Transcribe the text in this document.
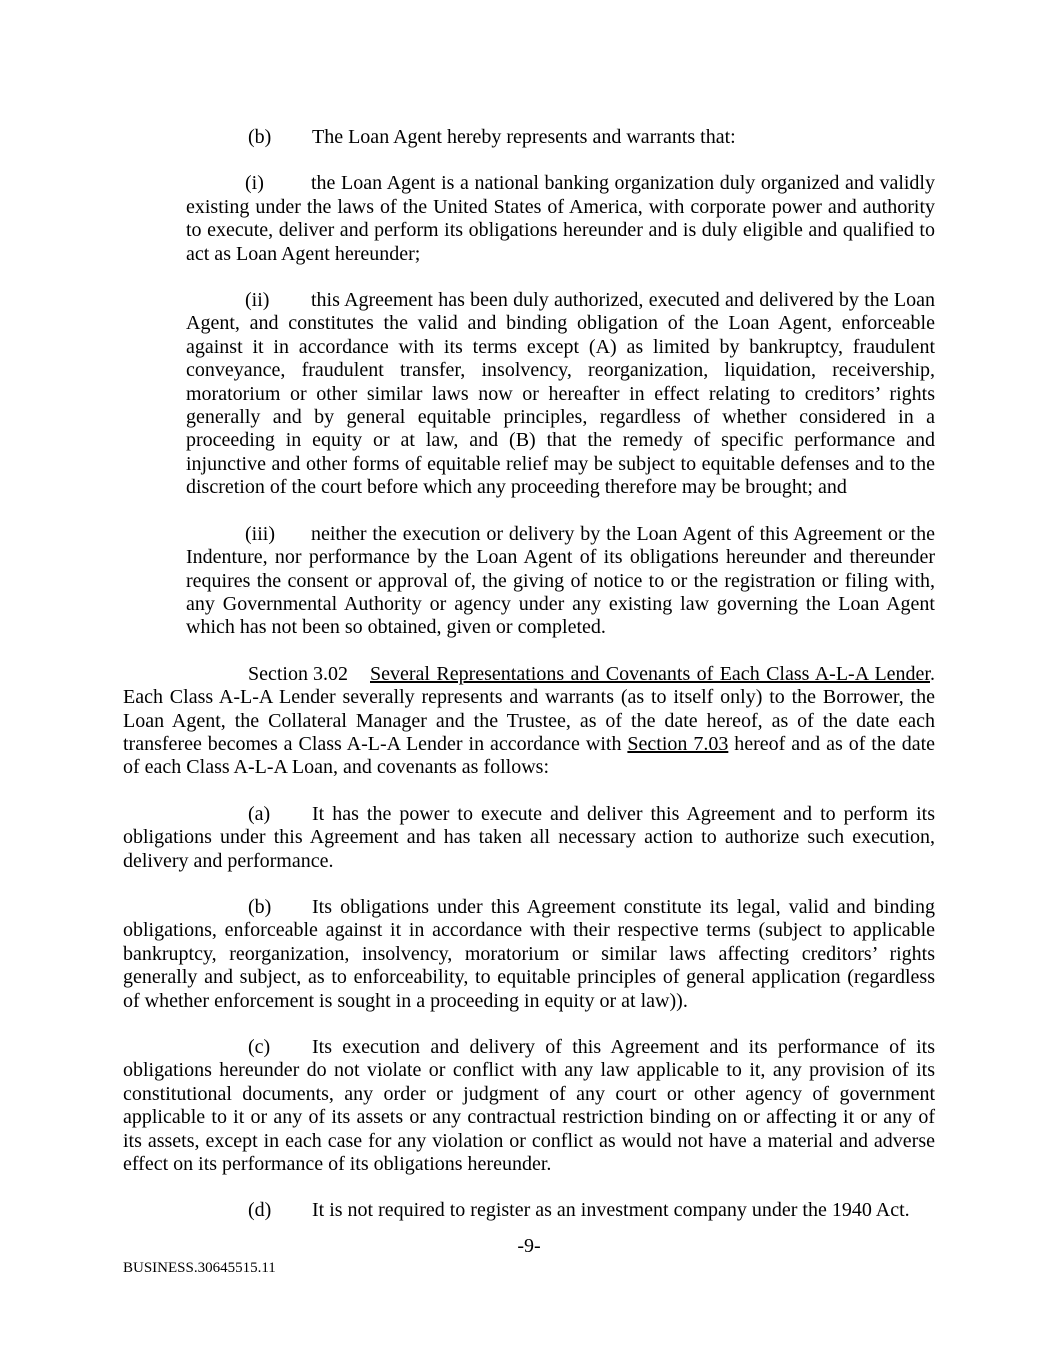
(b) The Loan Agent hereby represents and warrants that:

(i) the Loan Agent is a national banking organization duly organized and validly existing under the laws of the United States of America, with corporate power and authority to execute, deliver and perform its obligations hereunder and is duly eligible and qualified to act as Loan Agent hereunder;

(ii) this Agreement has been duly authorized, executed and delivered by the Loan Agent, and constitutes the valid and binding obligation of the Loan Agent, enforceable against it in accordance with its terms except (A) as limited by bankruptcy, fraudulent conveyance, fraudulent transfer, insolvency, reorganization, liquidation, receivership, moratorium or other similar laws now or hereafter in effect relating to creditors’ rights generally and by general equitable principles, regardless of whether considered in a proceeding in equity or at law, and (B) that the remedy of specific performance and injunctive and other forms of equitable relief may be subject to equitable defenses and to the discretion of the court before which any proceeding therefore may be brought; and

(iii) neither the execution or delivery by the Loan Agent of this Agreement or the Indenture, nor performance by the Loan Agent of its obligations hereunder and thereunder requires the consent or approval of, the giving of notice to or the registration or filing with, any Governmental Authority or agency under any existing law governing the Loan Agent which has not been so obtained, given or completed.

Section 3.02 Several Representations and Covenants of Each Class A-L-A Lender. Each Class A-L-A Lender severally represents and warrants (as to itself only) to the Borrower, the Loan Agent, the Collateral Manager and the Trustee, as of the date hereof, as of the date each transferee becomes a Class A-L-A Lender in accordance with Section 7.03 hereof and as of the date of each Class A-L-A Loan, and covenants as follows:

(a) It has the power to execute and deliver this Agreement and to perform its obligations under this Agreement and has taken all necessary action to authorize such execution, delivery and performance.

(b) Its obligations under this Agreement constitute its legal, valid and binding obligations, enforceable against it in accordance with their respective terms (subject to applicable bankruptcy, reorganization, insolvency, moratorium or similar laws affecting creditors’ rights generally and subject, as to enforceability, to equitable principles of general application (regardless of whether enforcement is sought in a proceeding in equity or at law)).

(c) Its execution and delivery of this Agreement and its performance of its obligations hereunder do not violate or conflict with any law applicable to it, any provision of its constitutional documents, any order or judgment of any court or other agency of government applicable to it or any of its assets or any contractual restriction binding on or affecting it or any of its assets, except in each case for any violation or conflict as would not have a material and adverse effect on its performance of its obligations hereunder.

(d) It is not required to register as an investment company under the 1940 Act.

-9-

BUSINESS.30645515.11
